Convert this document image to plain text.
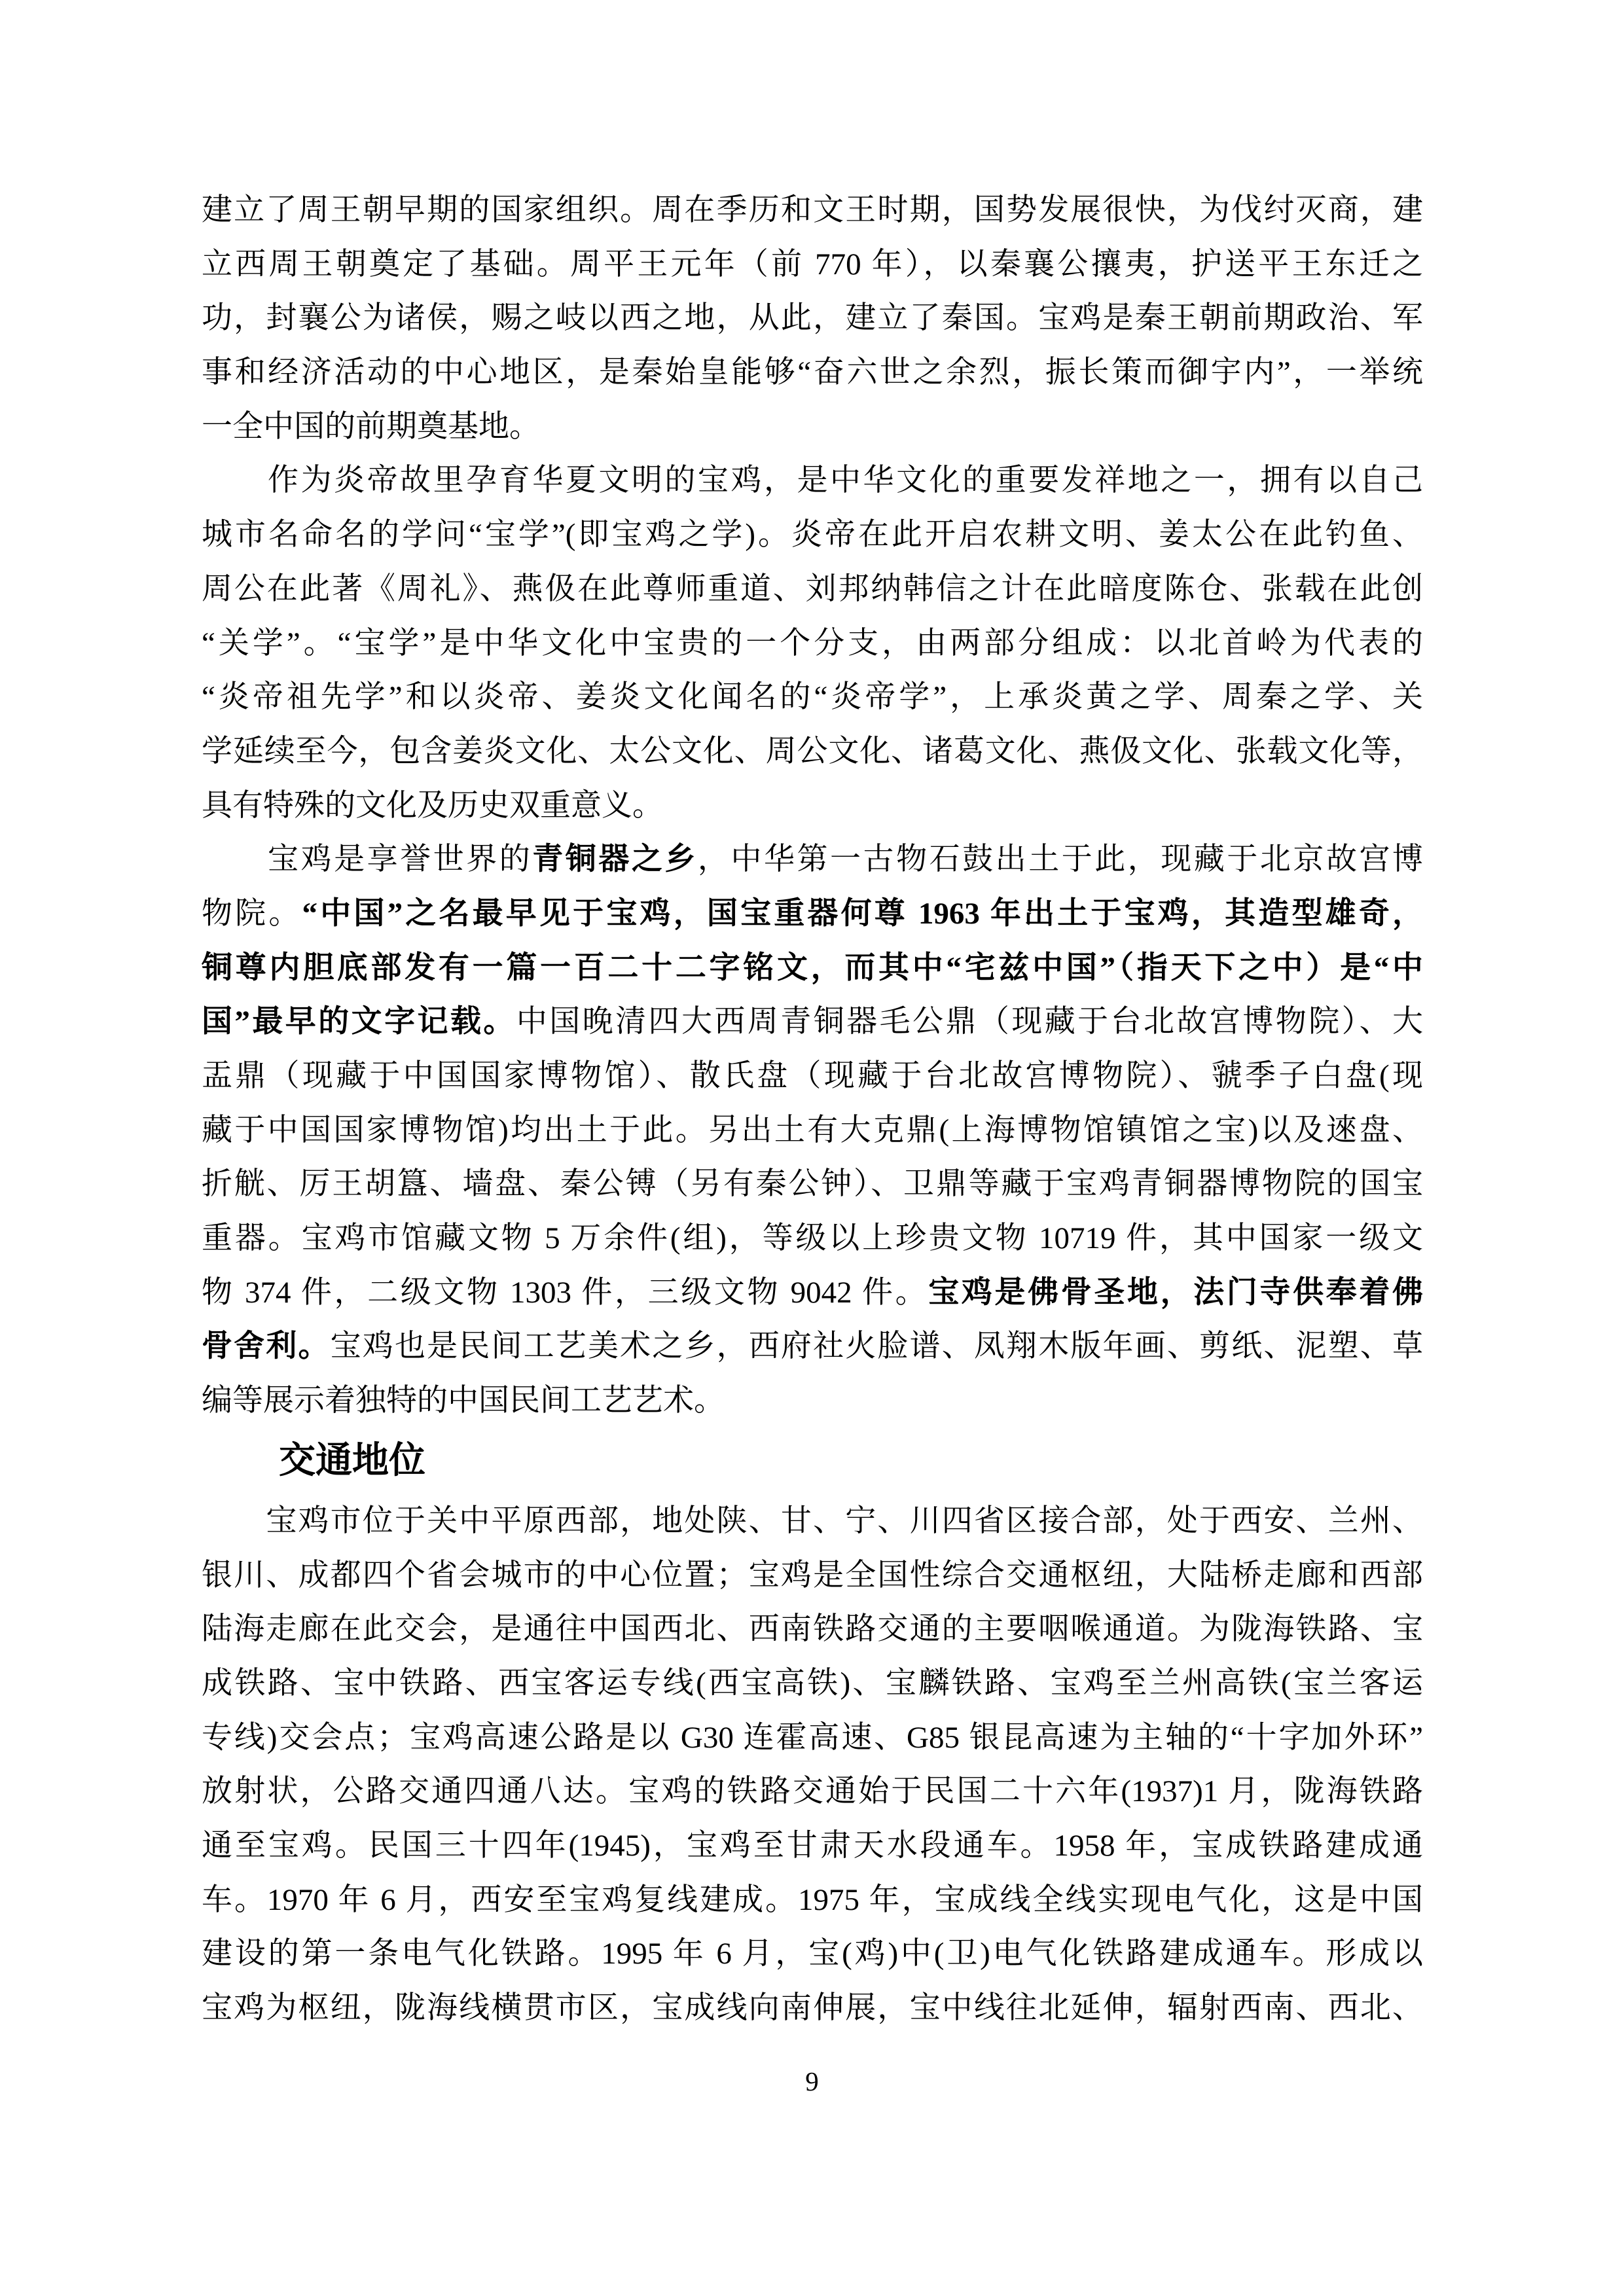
建立了周王朝早期的国家组织。周在季历和文王时期，国势发展很快，为伐纣灭商，建
立西周王朝奠定了基础。周平王元年（前 770 年），以秦襄公攘夷，护送平王东迁之
功，封襄公为诸侯，赐之岐以西之地，从此，建立了秦国。宝鸡是秦王朝前期政治、军
事和经济活动的中心地区，是秦始皇能够“奋六世之余烈，振长策而御宇内”，一举统
一全中国的前期奠基地。
　　作为炎帝故里孕育华夏文明的宝鸡，是中华文化的重要发祥地之一，拥有以自己
城市名命名的学问“宝学”(即宝鸡之学)。炎帝在此开启农耕文明、姜太公在此钓鱼、
周公在此著《周礼》、燕伋在此尊师重道、刘邦纳韩信之计在此暗度陈仓、张载在此创
“关学”。“宝学”是中华文化中宝贵的一个分支，由两部分组成：以北首岭为代表的
“炎帝祖先学”和以炎帝、姜炎文化闻名的“炎帝学”，上承炎黄之学、周秦之学、关
学延续至今，包含姜炎文化、太公文化、周公文化、诸葛文化、燕伋文化、张载文化等，
具有特殊的文化及历史双重意义。
　　宝鸡是享誉世界的青铜器之乡，中华第一古物石鼓出土于此，现藏于北京故宫博
物院。“中国”之名最早见于宝鸡，国宝重器何尊 1963 年出土于宝鸡，其造型雄奇，
铜尊内胆底部发有一篇一百二十二字铭文，而其中“宅兹中国”（指天下之中）是“中
国”最早的文字记载。中国晚清四大西周青铜器毛公鼎（现藏于台北故宫博物院）、大
盂鼎（现藏于中国国家博物馆）、散氏盘（现藏于台北故宫博物院）、虢季子白盘(现
藏于中国国家博物馆)均出土于此。另出土有大克鼎(上海博物馆镇馆之宝)以及逨盘、
折觥、厉王胡簋、墙盘、秦公镈（另有秦公钟）、卫鼎等藏于宝鸡青铜器博物院的国宝
重器。宝鸡市馆藏文物 5 万余件(组)，等级以上珍贵文物 10719 件，其中国家一级文
物 374 件，二级文物 1303 件，三级文物 9042 件。宝鸡是佛骨圣地，法门寺供奉着佛
骨舍利。宝鸡也是民间工艺美术之乡，西府社火脸谱、凤翔木版年画、剪纸、泥塑、草
编等展示着独特的中国民间工艺艺术。
交通地位
　　宝鸡市位于关中平原西部，地处陕、甘、宁、川四省区接合部，处于西安、兰州、
银川、成都四个省会城市的中心位置；宝鸡是全国性综合交通枢纽，大陆桥走廊和西部
陆海走廊在此交会，是通往中国西北、西南铁路交通的主要咽喉通道。为陇海铁路、宝
成铁路、宝中铁路、西宝客运专线(西宝高铁)、宝麟铁路、宝鸡至兰州高铁(宝兰客运
专线)交会点；宝鸡高速公路是以 G30 连霍高速、G85 银昆高速为主轴的“十字加外环”
放射状，公路交通四通八达。宝鸡的铁路交通始于民国二十六年(1937)1 月，陇海铁路
通至宝鸡。民国三十四年(1945)，宝鸡至甘肃天水段通车。1958 年，宝成铁路建成通
车。1970 年 6 月，西安至宝鸡复线建成。1975 年，宝成线全线实现电气化，这是中国
建设的第一条电气化铁路。1995 年 6 月，宝(鸡)中(卫)电气化铁路建成通车。形成以
宝鸡为枢纽，陇海线横贯市区，宝成线向南伸展，宝中线往北延伸，辐射西南、西北、
9
